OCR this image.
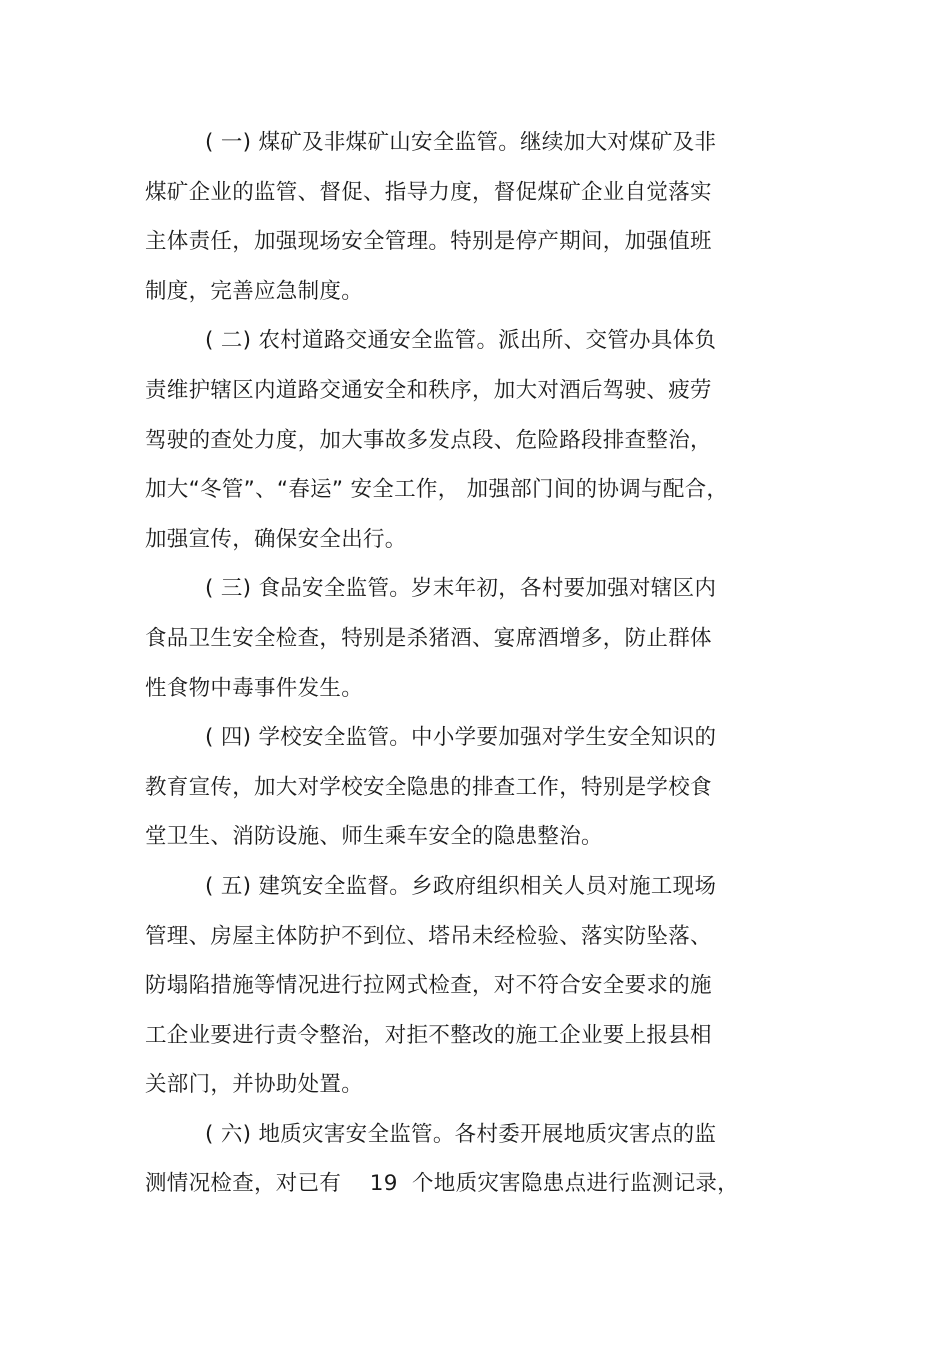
( 一) 煤矿及非煤矿山安全监管。继续加大对煤矿及非
煤矿企业的监管、督促、指导力度，督促煤矿企业自觉落实
主体责任，加强现场安全管理。特别是停产期间，加强值班
制度，完善应急制度。
( 二) 农村道路交通安全监管。派出所、交管办具体负
责维护辖区内道路交通安全和秩序，加大对酒后驾驶、疲劳
驾驶的查处力度，加大事故多发点段、危险路段排查整治，
加大“冬管”、“春运” 安全工作， 加强部门间的协调与配合，
加强宣传，确保安全出行。
( 三) 食品安全监管。岁末年初，各村要加强对辖区内
食品卫生安全检查，特别是杀猪酒、宴席酒增多，防止群体
性食物中毒事件发生。
( 四) 学校安全监管。中小学要加强对学生安全知识的
教育宣传，加大对学校安全隐患的排查工作，特别是学校食
堂卫生、消防设施、师生乘车安全的隐患整治。
( 五) 建筑安全监督。乡政府组织相关人员对施工现场
管理、房屋主体防护不到位、塔吊未经检验、落实防坠落、
防塌陷措施等情况进行拉网式检查，对不符合安全要求的施
工企业要进行责令整治，对拒不整改的施工企业要上报县相
关部门，并协助处置。
( 六) 地质灾害安全监管。各村委开展地质灾害点的监
测情况检查，对已有    19  个地质灾害隐患点进行监测记录，
